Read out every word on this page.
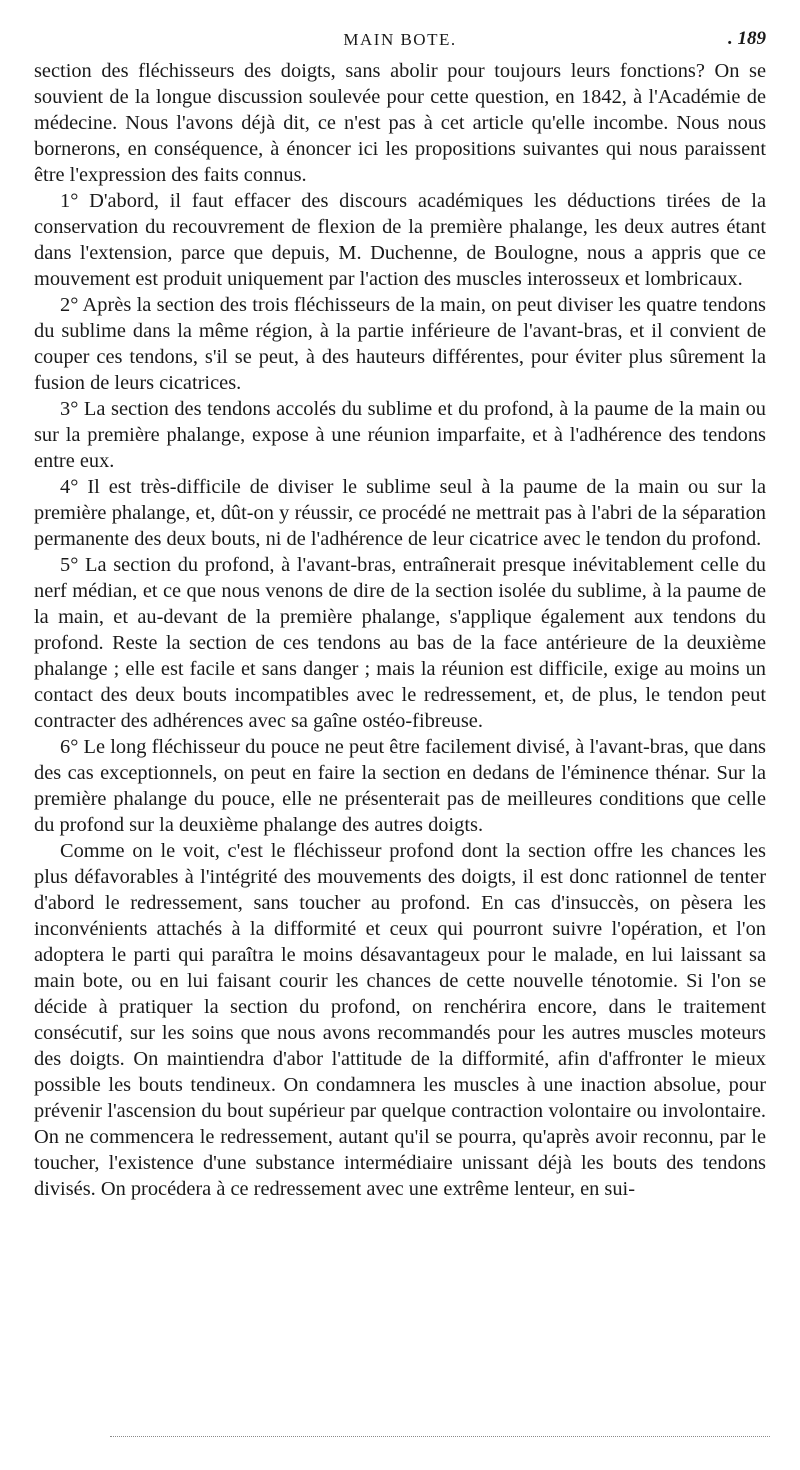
MAIN BOTE.	. 189

section des fléchisseurs des doigts, sans abolir pour toujours leurs fonctions? On se souvient de la longue discussion soulevée pour cette question, en 1842, à l'Académie de médecine. Nous l'avons déjà dit, ce n'est pas à cet article qu'elle incombe. Nous nous bornerons, en conséquence, à énoncer ici les propositions suivantes qui nous paraissent être l'expression des faits connus.

1° D'abord, il faut effacer des discours académiques les déductions tirées de la conservation du recouvrement de flexion de la première phalange, les deux autres étant dans l'extension, parce que depuis, M. Duchenne, de Boulogne, nous a appris que ce mouvement est produit uniquement par l'action des muscles interosseux et lombricaux.

2° Après la section des trois fléchisseurs de la main, on peut diviser les quatre tendons du sublime dans la même région, à la partie inférieure de l'avant-bras, et il convient de couper ces tendons, s'il se peut, à des hauteurs différentes, pour éviter plus sûrement la fusion de leurs cicatrices.

3° La section des tendons accolés du sublime et du profond, à la paume de la main ou sur la première phalange, expose à une réunion imparfaite, et à l'adhérence des tendons entre eux.

4° Il est très-difficile de diviser le sublime seul à la paume de la main ou sur la première phalange, et, dût-on y réussir, ce procédé ne mettrait pas à l'abri de la séparation permanente des deux bouts, ni de l'adhérence de leur cicatrice avec le tendon du profond.

5° La section du profond, à l'avant-bras, entraînerait presque inévitablement celle du nerf médian, et ce que nous venons de dire de la section isolée du sublime, à la paume de la main, et au-devant de la première phalange, s'applique également aux tendons du profond. Reste la section de ces tendons au bas de la face antérieure de la deuxième phalange ; elle est facile et sans danger ; mais la réunion est difficile, exige au moins un contact des deux bouts incompatibles avec le redressement, et, de plus, le tendon peut contracter des adhérences avec sa gaîne ostéo-fibreuse.

6° Le long fléchisseur du pouce ne peut être facilement divisé, à l'avant-bras, que dans des cas exceptionnels, on peut en faire la section en dedans de l'éminence thénar. Sur la première phalange du pouce, elle ne présenterait pas de meilleures conditions que celle du profond sur la deuxième phalange des autres doigts.

Comme on le voit, c'est le fléchisseur profond dont la section offre les chances les plus défavorables à l'intégrité des mouvements des doigts, il est donc rationnel de tenter d'abord le redressement, sans toucher au profond. En cas d'insuccès, on pèsera les inconvénients attachés à la difformité et ceux qui pourront suivre l'opération, et l'on adoptera le parti qui paraîtra le moins désavantageux pour le malade, en lui laissant sa main bote, ou en lui faisant courir les chances de cette nouvelle ténotomie. Si l'on se décide à pratiquer la section du profond, on renchérira encore, dans le traitement consécutif, sur les soins que nous avons recommandés pour les autres muscles moteurs des doigts. On maintiendra d'abor l'attitude de la difformité, afin d'affronter le mieux possible les bouts tendineux. On condamnera les muscles à une inaction absolue, pour prévenir l'ascension du bout supérieur par quelque contraction volontaire ou involontaire. On ne commencera le redressement, autant qu'il se pourra, qu'après avoir reconnu, par le toucher, l'existence d'une substance intermédiaire unissant déjà les bouts des tendons divisés. On procédera à ce redressement avec une extrême lenteur, en sui-
